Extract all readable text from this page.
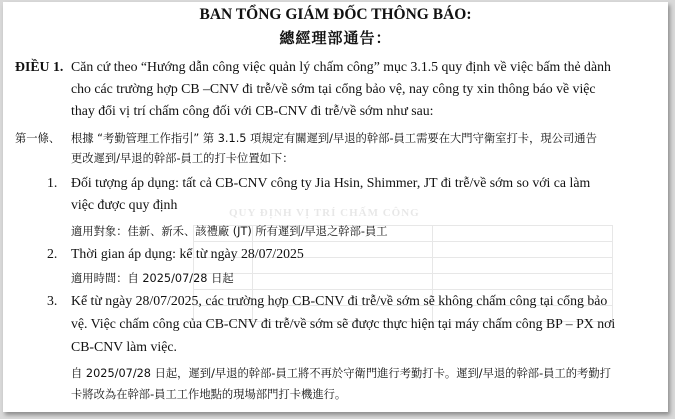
QUY ĐỊNH VỊ TRÍ CHẤM CÔNG

BAN TỔNG GIÁM ĐỐC THÔNG BÁO:
總經理部通告：
ĐIỀU 1. Căn cứ theo “Hướng dẫn công việc quản lý chấm công” mục 3.1.5 quy định về việc bấm thẻ dành
cho các trường hợp CB –CNV đi trễ/về sớm tại cổng bảo vệ, nay công ty xin thông báo về việc
thay đổi vị trí chấm công đối với CB-CNV đi trễ/về sớm như sau:
第一條、 根據 “考勤管理工作指引” 第 3.1.5 項規定有關遲到/早退的幹部-員工需要在大門守衛室打卡，現公司通告
更改遲到/早退的幹部-員工的打卡位置如下：
1. Đối tượng áp dụng: tất cả CB-CNV công ty Jia Hsin, Shimmer, JT đi trễ/về sớm so với ca làm
việc được quy định
適用對象：佳新、新禾、該禮廠 (JT) 所有遲到/早退之幹部-員工
2. Thời gian áp dụng: kể từ ngày 28/07/2025
適用時間：自 2025/07/28 日起
3. Kể từ ngày 28/07/2025, các trường hợp CB-CNV đi trễ/về sớm sẽ không chấm công tại cổng bảo
vệ. Việc chấm công của CB-CNV đi trễ/về sớm sẽ được thực hiện tại máy chấm công BP – PX nơi
CB-CNV làm việc.
自 2025/07/28 日起，遲到/早退的幹部-員工將不再於守衛門進行考勤打卡。遲到/早退的幹部-員工的考勤打
卡將改為在幹部-員工工作地點的現場部門打卡機進行。
